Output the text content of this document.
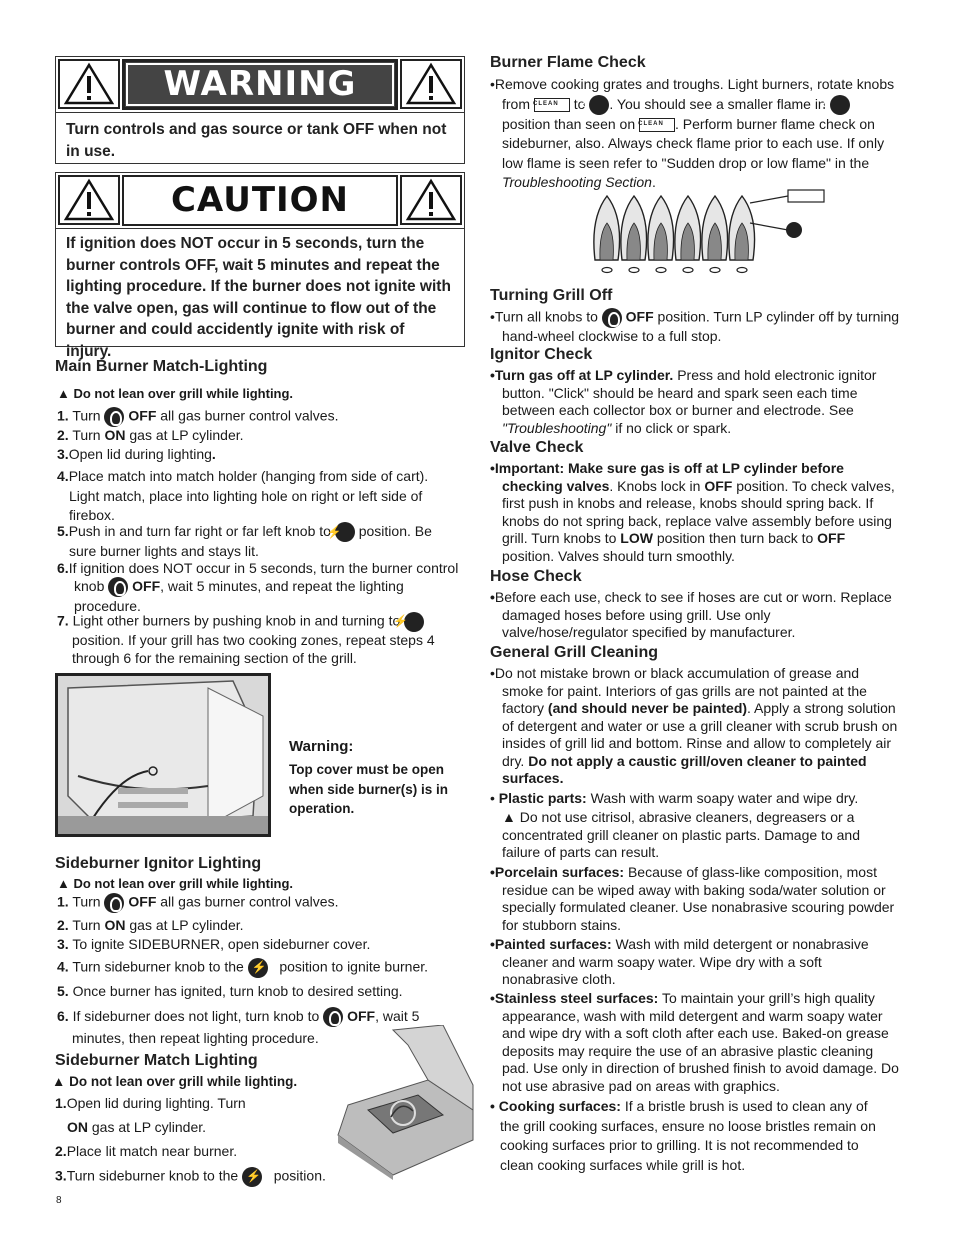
WARNING
Turn controls and gas source or tank OFF when not in use.
CAUTION
If ignition does NOT occur in 5 seconds, turn the burner controls OFF, wait 5 minutes and repeat the lighting procedure. If the burner does not ignite with the valve open, gas will continue to flow out of the burner and could accidently ignite with risk of injury.
Main Burner Match-Lighting
▲ Do not lean over grill while lighting.
1. Turn  OFF all gas burner control valves.
2. Turn ON gas at LP cylinder.
3.Open lid during lighting.
4.Place match into match holder (hanging from side of cart). Light match, place into lighting hole on right or left side of firebox.
5.Push in and turn far right or far left knob to ⚡ position. Be sure burner lights and stays lit.
6.If ignition does NOT occur in 5 seconds, turn the burner control knob  OFF, wait 5 minutes, and repeat the lighting procedure.
7. Light other burners by pushing knob in and turning to ⚡ position. If your grill has two cooking zones, repeat steps 4 through 6 for the remaining section of the grill.
Warning:
Top cover must be open when side burner(s) is in operation.
Sideburner Ignitor Lighting
▲ Do not lean over grill while lighting.
1. Turn  OFF all gas burner control valves.
2. Turn ON gas at LP cylinder.
3. To ignite SIDEBURNER, open sideburner cover.
4. Turn sideburner knob to the ⚡   position to ignite burner.
5. Once burner has ignited, turn knob to desired setting.
6. If sideburner does not light, turn knob to  OFF, wait 5 minutes, then repeat lighting procedure.
Sideburner Match Lighting
▲ Do not lean over grill while lighting.
1.Open lid during lighting. Turn
ON gas at LP cylinder.
2.Place lit match near burner.
3.Turn sideburner knob to the ⚡   position.
8
Burner Flame Check
•Remove cooking grates and troughs. Light burners, rotate knobs from CLEAN to «. You should see a smaller flame in « position than seen on CLEAN . Perform burner flame check on sideburner, also. Always check flame prior to each use. If only low flame is seen refer to "Sudden drop or low flame" in the Troubleshooting Section.
Turning Grill Off
•Turn all knobs to  OFF position. Turn LP cylinder off by turning hand-wheel clockwise to a full stop.
Ignitor Check
•Turn gas off at LP cylinder. Press and hold electronic ignitor button. "Click" should be heard and spark seen each time between each collector box or burner and electrode. See "Troubleshooting" if no click or spark.
Valve Check
•Important: Make sure gas is off at LP cylinder before checking valves. Knobs lock in OFF position. To check valves, first push in knobs and release, knobs should spring back. If knobs do not spring back, replace valve assembly before using grill. Turn knobs to LOW position then turn back to OFF position. Valves should turn smoothly.
Hose Check
•Before each use, check to see if hoses are cut or worn. Replace damaged hoses before using grill. Use only valve/hose/regulator specified by manufacturer.
General Grill Cleaning
•Do not mistake brown or black accumulation of grease and smoke for paint. Interiors of gas grills are not painted at the factory (and should never be painted). Apply a strong solution of detergent and water or use a grill cleaner with scrub brush on insides of grill lid and bottom. Rinse and allow to completely air dry. Do not apply a caustic grill/oven cleaner to painted surfaces.
• Plastic parts: Wash with warm soapy water and wipe dry.
▲ Do not use citrisol, abrasive cleaners, degreasers or a concentrated grill cleaner on plastic parts. Damage to and failure of parts can result.
•Porcelain surfaces: Because of glass-like composition, most residue can be wiped away with baking soda/water solution or specially formulated cleaner. Use nonabrasive scouring powder for stubborn stains.
•Painted surfaces: Wash with mild detergent or nonabrasive cleaner and warm soapy water. Wipe dry with a soft nonabrasive cloth.
•Stainless steel surfaces: To maintain your grill’s high quality appearance, wash with mild detergent and warm soapy water and wipe dry with a soft cloth after each use. Baked-on grease deposits may require the use of an abrasive plastic cleaning pad. Use only in direction of brushed finish to avoid damage. Do not use abrasive pad on areas with graphics.
• Cooking surfaces: If a bristle brush is used to clean any of the grill cooking surfaces, ensure no loose bristles remain on cooking surfaces prior to grilling. It is not recommended to clean cooking surfaces while grill is hot.
